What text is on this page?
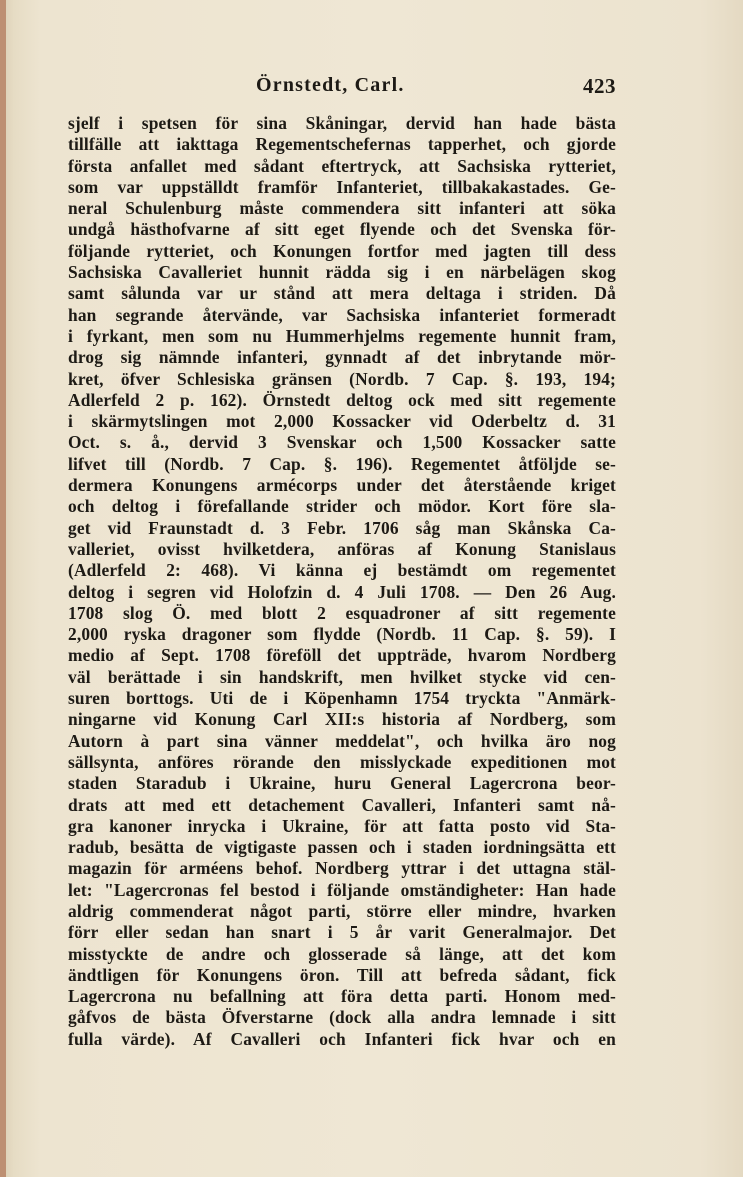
Örnstedt, Carl.	423
sjelf i spetsen för sina Skåningar, dervid han hade bästa
tillfälle att iakttaga Regementschefernas tapperhet, och gjorde
första anfallet med sådant eftertryck, att Sachsiska rytteriet,
som var uppställdt framför Infanteriet, tillbakakastades. Ge-
neral Schulenburg måste commendera sitt infanteri att söka
undgå hästhofvarne af sitt eget flyende och det Svenska för-
följande rytteriet, och Konungen fortfor med jagten till dess
Sachsiska Cavalleriet hunnit rädda sig i en närbelägen skog
samt sålunda var ur stånd att mera deltaga i striden. Då
han segrande återvände, var Sachsiska infanteriet formeradt
i fyrkant, men som nu Hummerhjelms regemente hunnit fram,
drog sig nämnde infanteri, gynnadt af det inbrytande mör-
kret, öfver Schlesiska gränsen (Nordb. 7 Cap. §. 193, 194;
Adlerfeld 2 p. 162). Örnstedt deltog ock med sitt regemente
i skärmytslingen mot 2,000 Kossacker vid Oderbeltz d. 31
Oct. s. å., dervid 3 Svenskar och 1,500 Kossacker satte
lifvet till (Nordb. 7 Cap. §. 196). Regementet åtföljde se-
dermera Konungens armécorps under det återstående kriget
och deltog i förefallande strider och mödor. Kort före sla-
get vid Fraunstadt d. 3 Febr. 1706 såg man Skånska Ca-
valleriet, ovisst hvilketdera, anföras af Konung Stanislaus
(Adlerfeld 2: 468). Vi känna ej bestämdt om regementet
deltog i segren vid Holofzin d. 4 Juli 1708. — Den 26 Aug.
1708 slog Ö. med blott 2 esquadroner af sitt regemente
2,000 ryska dragoner som flydde (Nordb. 11 Cap. §. 59). I
medio af Sept. 1708 föreföll det uppträde, hvarom Nordberg
väl berättade i sin handskrift, men hvilket stycke vid cen-
suren borttogs. Uti de i Köpenhamn 1754 tryckta "Anmärk-
ningarne vid Konung Carl XII:s historia af Nordberg, som
Autorn à part sina vänner meddelat", och hvilka äro nog
sällsynta, anföres rörande den misslyckade expeditionen mot
staden Staradub i Ukraine, huru General Lagercrona beor-
drats att med ett detachement Cavalleri, Infanteri samt nå-
gra kanoner inrycka i Ukraine, för att fatta posto vid Sta-
radub, besätta de vigtigaste passen och i staden iordningsätta ett
magazin för arméens behof. Nordberg yttrar i det uttagna stäl-
let: "Lagercronas fel bestod i följande omständigheter: Han hade
aldrig commenderat något parti, större eller mindre, hvarken
förr eller sedan han snart i 5 år varit Generalmajor. Det
misstyckte de andre och glosserade så länge, att det kom
ändtligen för Konungens öron. Till att befreda sådant, fick
Lagercrona nu befallning att föra detta parti. Honom med-
gåfvos de bästa Öfverstarne (dock alla andra lemnade i sitt
fulla värde). Af Cavalleri och Infanteri fick hvar och en
